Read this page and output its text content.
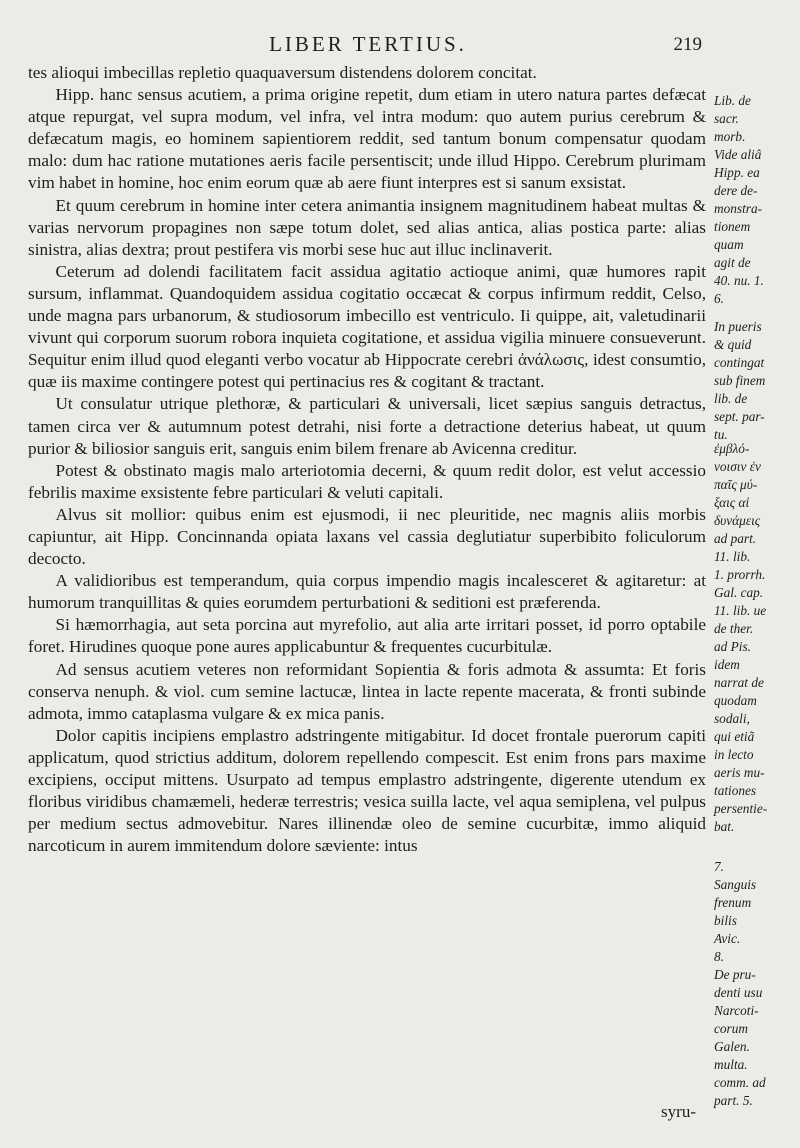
LIBER TERTIUS.	219

tes alioqui imbecillas repletio quaquaversum distendens dolorem concitat.

Hipp. hanc sensus acutiem, a prima origine repetit, dum etiam in utero natura partes defæcat atque repurgat, vel supra modum, vel infra, vel intra modum: quo autem purius cerebrum & defæcatum magis, eo hominem sapientiorem reddit, sed tantum bonum compensatur quodam malo: dum hac ratione mutationes aeris facile persentiscit; unde illud Hippo. Cerebrum plurimam vim habet in homine, hoc enim eorum quæ ab aere fiunt interpres est si sanum exsistat.

Et quum cerebrum in homine inter cetera animantia insignem magnitudinem habeat multas & varias nervorum propagines non sæpe totum dolet, sed alias antica, alias postica parte: alias sinistra, alias dextra; prout pestifera vis morbi sese huc aut illuc inclinaverit.

Ceterum ad dolendi facilitatem facit assidua agitatio actioque animi, quæ humores rapit sursum, inflammat. Quandoquidem assidua cogitatio occæcat & corpus infirmum reddit, Celso, unde magna pars urbanorum, & studiosorum imbecillo est ventriculo. Ii quippe, ait, valetudinarii vivunt qui corporum suorum robora inquieta cogitatione, et assidua vigilia minuere consueverunt. Sequitur enim illud quod eleganti verbo vocatur ab Hippocrate cerebri ἀνάλωσις, idest consumtio, quæ iis maxime contingere potest qui pertinacius res & cogitant & tractant.

Ut consulatur utrique plethoræ, & particulari & universali, licet sæpius sanguis detractus, tamen circa ver & autumnum potest detrahi, nisi forte a detractione deterius habeat, ut quum purior & biliosior sanguis erit, sanguis enim bilem frenare ab Avicenna creditur.

Potest & obstinato magis malo arteriotomia decerni, & quum redit dolor, est velut accessio febrilis maxime exsistente febre particulari & veluti capitali.

Alvus sit mollior: quibus enim est ejusmodi, ii nec pleuritide, nec magnis aliis morbis capiuntur, ait Hipp. Concinnanda opiata laxans vel cassia deglutiatur superbibito foliculorum decocto.

A validioribus est temperandum, quia corpus impendio magis incalesceret & agitaretur: at humorum tranquillitas & quies eorumdem perturbationi & seditioni est præferenda.

Si hæmorrhagia, aut seta porcina aut myrefolio, aut alia arte irritari posset, id porro optabile foret. Hirudines quoque pone aures applicabuntur & frequentes cucurbitulæ.

Ad sensus acutiem veteres non reformidant Sopientia & foris admota & assumta: Et foris conserva nenuph. & viol. cum semine lactucæ, lintea in lacte repente macerata, & fronti subinde admota, immo cataplasma vulgare & ex mica panis.

Dolor capitis incipiens emplastro adstringente mitigabitur. Id docet frontale puerorum capiti applicatum, quod strictius additum, dolorem repellendo compescit. Est enim frons pars maxime excipiens, occiput mittens. Usurpato ad tempus emplastro adstringente, digerente utendum ex floribus viridibus chamæmeli, hederæ terrestris; vesica suilla lacte, vel aqua semiplena, vel pulpus per medium sectus admovebitur. Nares illinendæ oleo de semine cucurbitæ, immo aliquid narcoticum in aurem immitendum dolore sæviente: intus

Lib. de
sacr.
morb.
Vide aliâ
Hipp. ea
dere de-
monstra-
tionem
quam
agit de
40. nu. 1.
6.
In pueris
& quid
contingat
sub finem
lib. de
sept. par-
tu.
ἐμβλό-
νοισιν ἐν
παῖς μύ-
ξαις αἱ
δυνάμεις
ad part.
11. lib.
1. prorrh.
Gal. cap.
11. lib. ue
de ther.
ad Pis.
idem
narrat de
quodam
sodali,
qui etiã
in lecto
aeris mu-
tationes
persentie-
bat.
7.
Sanguis
frenum
bilis
Avic.
8.
De pru-
denti usu
Narcoti-
corum
Galen.
multa.
comm. ad
part. 5.
syru-
